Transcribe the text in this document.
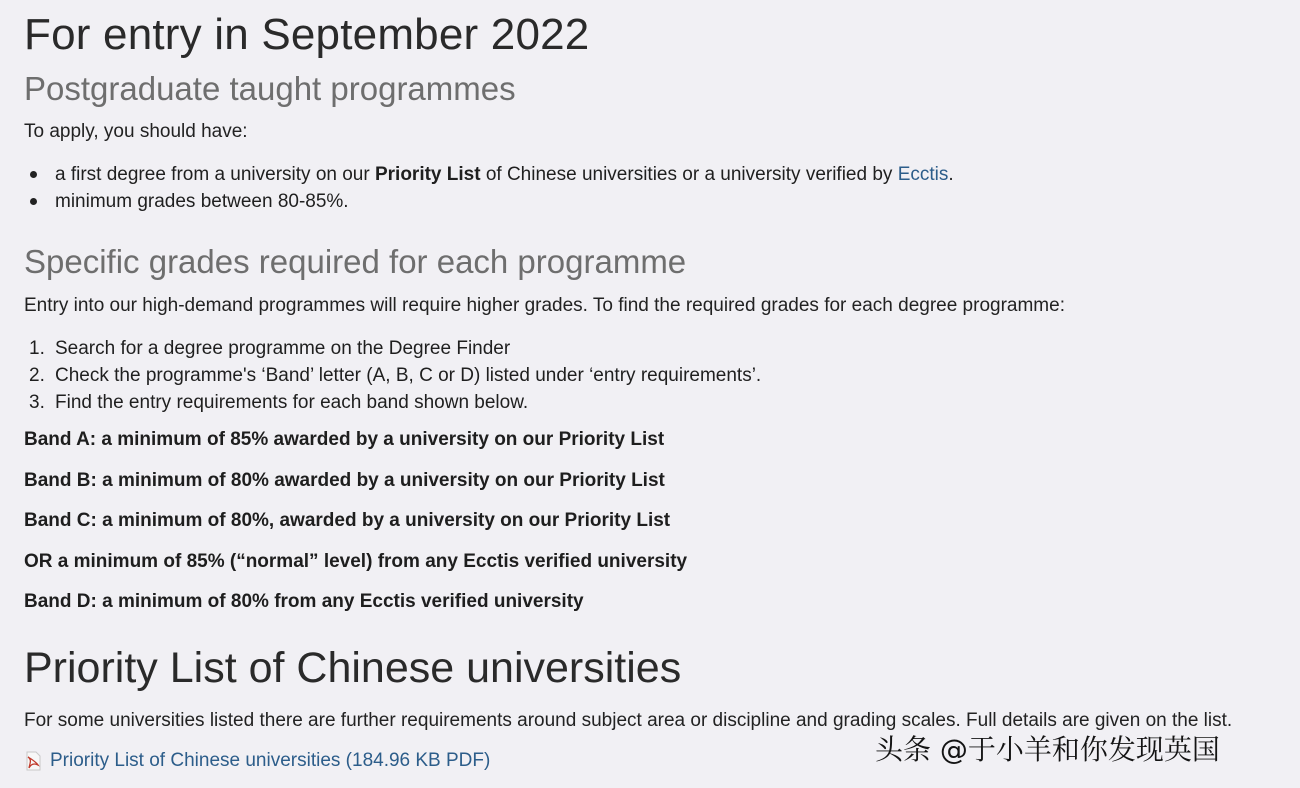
For entry in September 2022
Postgraduate taught programmes
To apply, you should have:
a first degree from a university on our Priority List of Chinese universities or a university verified by Ecctis.
minimum grades between 80-85%.
Specific grades required for each programme
Entry into our high-demand programmes will require higher grades. To find the required grades for each degree programme:
1. Search for a degree programme on the Degree Finder
2. Check the programme's ‘Band’ letter (A, B, C or D) listed under ‘entry requirements’.
3. Find the entry requirements for each band shown below.
Band A: a minimum of 85% awarded by a university on our Priority List
Band B: a minimum of 80% awarded by a university on our Priority List
Band C: a minimum of 80%, awarded by a university on our Priority List
OR a minimum of 85% (“normal” level) from any Ecctis verified university
Band D: a minimum of 80% from any Ecctis verified university
Priority List of Chinese universities
For some universities listed there are further requirements around subject area or discipline and grading scales. Full details are given on the list.
Priority List of Chinese universities (184.96 KB PDF)	头条 @于小羊和你发现英国
